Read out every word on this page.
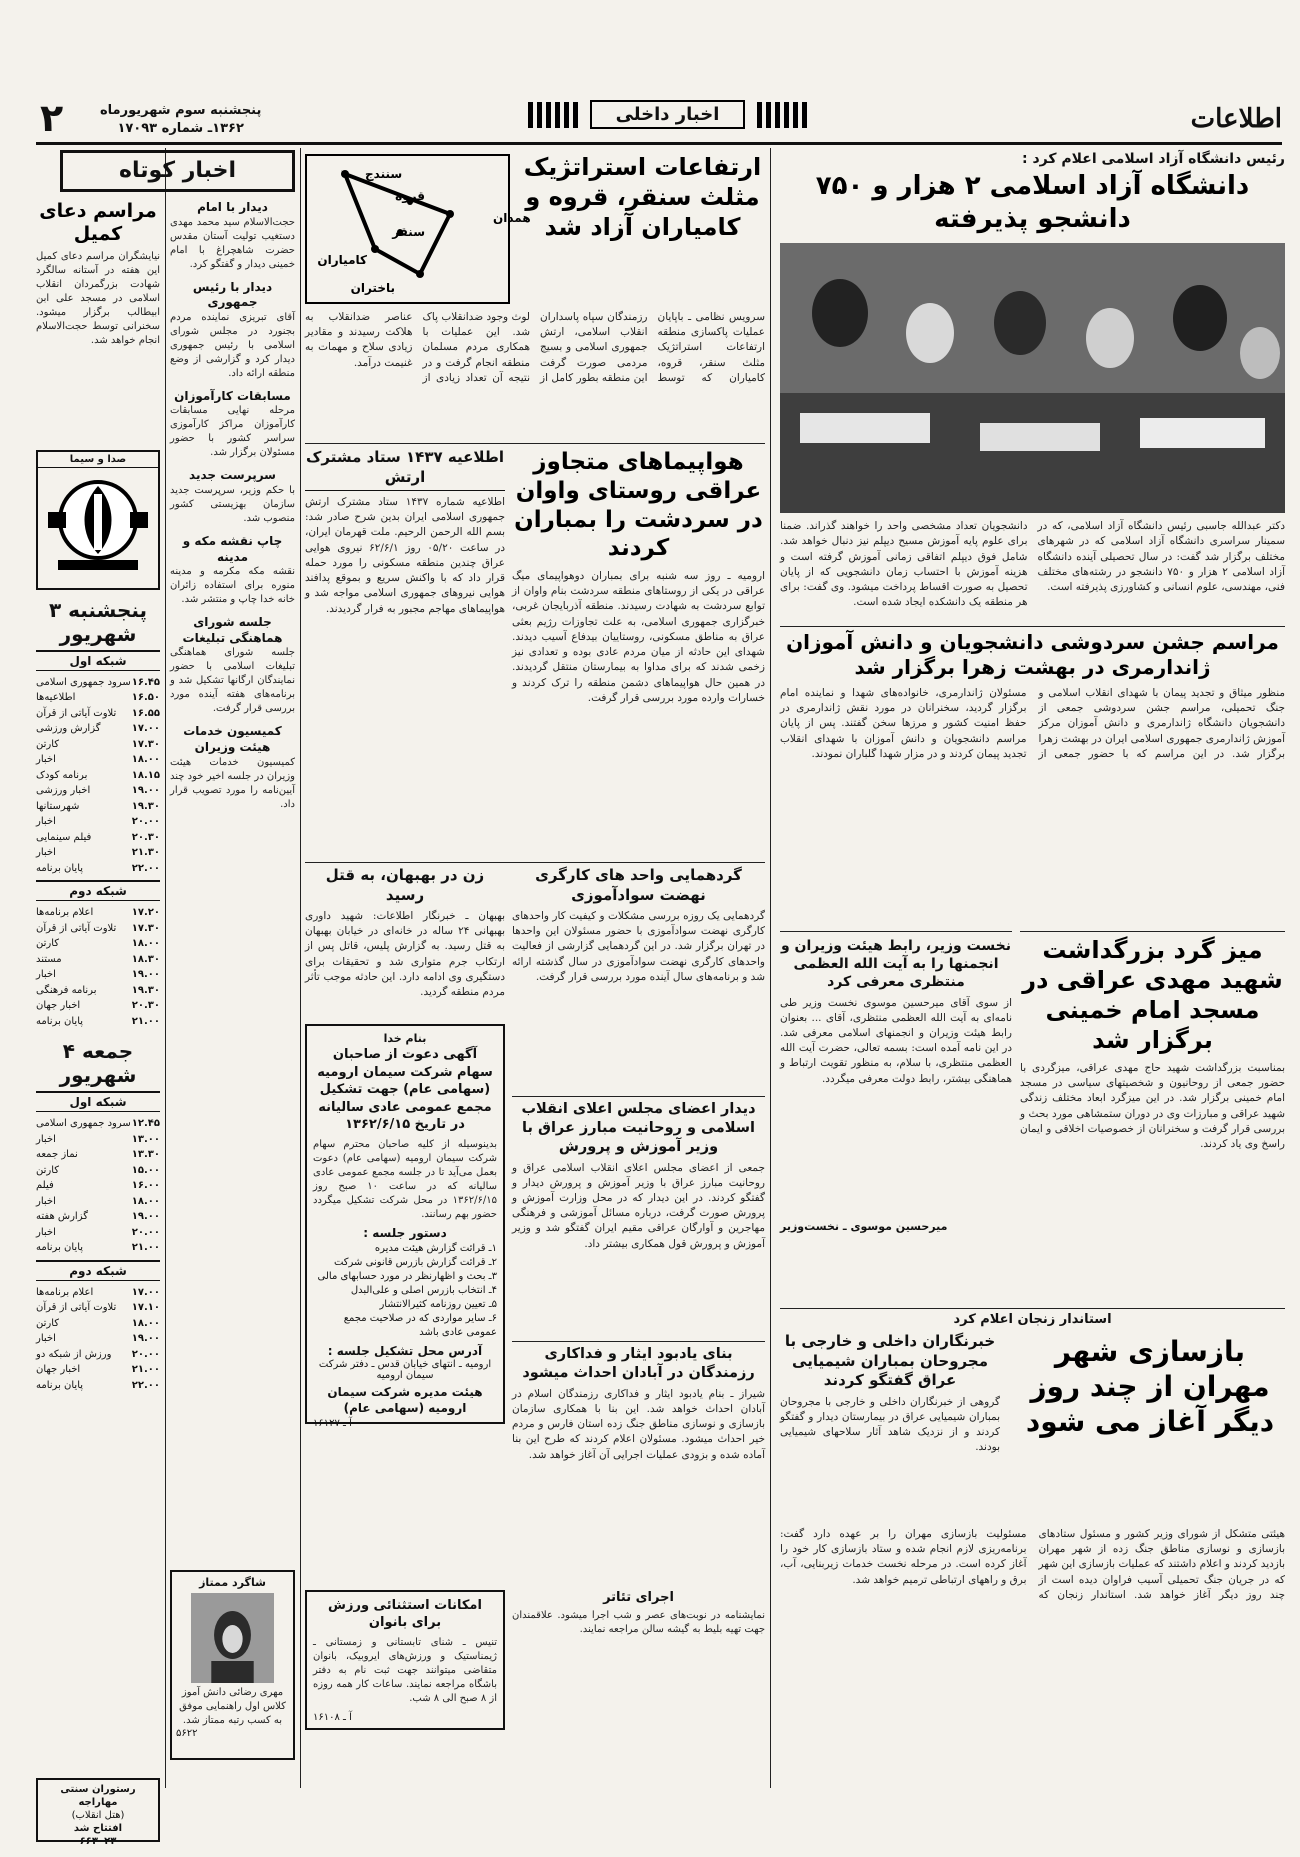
اطلاعات
اخبار داخلی
پنجشنبه سوم شهریورماه
۱۳۶۲ـ شماره ۱۷۰۹۳
۲
رئیس دانشگاه آزاد اسلامی اعلام کرد :
دانشگاه آزاد اسلامی ۲ هزار و ۷۵۰ دانشجو پذیرفته
دکتر عبدالله جاسبی رئیس دانشگاه آزاد اسلامی، که در سمینار سراسری دانشگاه آزاد اسلامی که در شهرهای مختلف برگزار شد گفت: در سال تحصیلی آینده دانشگاه آزاد اسلامی ۲ هزار و ۷۵۰ دانشجو در رشته‌های مختلف فنی، مهندسی، علوم انسانی و کشاورزی پذیرفته است.
دانشجویان تعداد مشخصی واحد را خواهند گذراند. ضمنا برای علوم پایه آموزش مسیح دیپلم نیز دنبال خواهد شد. شامل فوق دیپلم اتفاقی زمانی آموزش گرفته است و هزینه آموزش با احتساب زمان دانشجویی که از پایان تحصیل به صورت اقساط پرداخت میشود. وی گفت: برای هر منطقه یک دانشکده ایجاد شده است.
ارتفاعات استراتژیک مثلث سنقر، قروه و کامیاران آزاد شد
سنندج
قروه
همدان
سنقر
کامیاران
باختران
سرویس نظامی ـ باپایان عملیات پاکسازی منطقه ارتفاعات استراتژیک مثلث سنقر، قروه، کامیاران که توسط رزمندگان سپاه پاسداران انقلاب اسلامی، ارتش جمهوری اسلامی و بسیج مردمی صورت گرفت این منطقه بطور کامل از لوث وجود ضدانقلاب پاک شد. این عملیات با همکاری مردم مسلمان منطقه انجام گرفت و در نتیجه آن تعداد زیادی از عناصر ضدانقلاب به هلاکت رسیدند و مقادیر زیادی سلاح و مهمات به غنیمت درآمد.
اطلاعیه ۱۴۳۷ ستاد مشترک ارتش
اطلاعیه شماره ۱۴۳۷ ستاد مشترک ارتش جمهوری اسلامی ایران بدین شرح صادر شد: بسم الله الرحمن الرحیم. ملت قهرمان ایران، در ساعت ۰۵/۲۰ روز ۶۲/۶/۱ نیروی هوایی عراق چندین منطقه مسکونی را مورد حمله قرار داد که با واکنش سریع و بموقع پدافند هوایی نیروهای جمهوری اسلامی مواجه شد و هواپیماهای مهاجم مجبور به فرار گردیدند.
هواپیماهای متجاوز عراقی روستای واوان در سردشت را بمباران کردند
ارومیه ـ روز سه شنبه برای بمباران دوهواپیمای میگ عراقی در یکی از روستاهای منطقه سردشت بنام واوان از توابع سردشت به شهادت رسیدند. منطقه آذربایجان غربی، خبرگزاری جمهوری اسلامی، به علت تجاوزات رژیم بعثی عراق به مناطق مسکونی، روستاییان بیدفاع آسیب دیدند. شهدای این حادثه از میان مردم عادی بوده و تعدادی نیز زخمی شدند که برای مداوا به بیمارستان منتقل گردیدند. در همین حال هواپیماهای دشمن منطقه را ترک کردند و خسارات وارده مورد بررسی قرار گرفت.
گردهمایی واحد های کارگری نهضت سوادآموزی
گردهمایی یک روزه بررسی مشکلات و کیفیت کار واحدهای کارگری نهضت سوادآموزی با حضور مسئولان این واحدها در تهران برگزار شد. در این گردهمایی گزارشی از فعالیت واحدهای کارگری نهضت سوادآموزی در سال گذشته ارائه شد و برنامه‌های سال آینده مورد بررسی قرار گرفت.
زن در بهبهان، به قتل رسید
بهبهان ـ خبرنگار اطلاعات: شهید داوری بهبهانی ۲۴ ساله در خانه‌ای در خیابان بهبهان به قتل رسید. به گزارش پلیس، قاتل پس از ارتکاب جرم متواری شد و تحقیقات برای دستگیری وی ادامه دارد. این حادثه موجب تأثر مردم منطقه گردید.
بنام خدا
آگهی دعوت از صاحبان سهام شرکت سیمان ارومیه (سهامی عام) جهت تشکیل مجمع عمومی عادی سالیانه در تاریخ ۱۳۶۲/۶/۱۵
بدینوسیله از کلیه صاحبان محترم سهام شرکت سیمان ارومیه (سهامی عام) دعوت بعمل می‌آید تا در جلسه مجمع عمومی عادی سالیانه که در ساعت ۱۰ صبح روز ۱۳۶۲/۶/۱۵ در محل شرکت تشکیل میگردد حضور بهم رسانند.
دستور جلسه :
۱ـ قرائت گزارش هیئت مدیره
۲ـ قرائت گزارش بازرس قانونی شرکت
۳ـ بحث و اظهارنظر در مورد حسابهای مالی
۴ـ انتخاب بازرس اصلی و علی‌البدل
۵ـ تعیین روزنامه کثیرالانتشار
۶ـ سایر مواردی که در صلاحیت مجمع عمومی عادی باشد
آدرس محل تشکیل جلسه :
ارومیه ـ انتهای خیابان قدس ـ دفتر شرکت سیمان ارومیه
هیئت مدیره شرکت سیمان ارومیه (سهامی عام)
آ ـ ۱۶۱۲۷
دیدار اعضای مجلس اعلای انقلاب اسلامی و روحانیت مبارز عراق با وزیر آموزش و پرورش
جمعی از اعضای مجلس اعلای انقلاب اسلامی عراق و روحانیت مبارز عراق با وزیر آموزش و پرورش دیدار و گفتگو کردند. در این دیدار که در محل وزارت آموزش و پرورش صورت گرفت، درباره مسائل آموزشی و فرهنگی مهاجرین و آوارگان عراقی مقیم ایران گفتگو شد و وزیر آموزش و پرورش قول همکاری بیشتر داد.
بنای یادبود ایثار و فداکاری رزمندگان در آبادان احداث میشود
شیراز ـ بنام یادبود ایثار و فداکاری رزمندگان اسلام در آبادان احداث خواهد شد. این بنا با همکاری سازمان بازسازی و نوسازی مناطق جنگ زده استان فارس و مردم خیر احداث میشود. مسئولان اعلام کردند که طرح این بنا آماده شده و بزودی عملیات اجرایی آن آغاز خواهد شد.
مراسم جشن سردوشی دانشجویان و دانش آموزان ژاندارمری در بهشت زهرا برگزار شد
منظور میثاق و تجدید پیمان با شهدای انقلاب اسلامی و جنگ تحمیلی، مراسم جشن سردوشی جمعی از دانشجویان دانشگاه ژاندارمری و دانش آموزان مرکز آموزش ژاندارمری جمهوری اسلامی ایران در بهشت زهرا برگزار شد. در این مراسم که با حضور جمعی از مسئولان ژاندارمری، خانواده‌های شهدا و نماینده امام برگزار گردید، سخنرانان در مورد نقش ژاندارمری در حفظ امنیت کشور و مرزها سخن گفتند. پس از پایان مراسم دانشجویان و دانش آموزان با شهدای انقلاب تجدید پیمان کردند و در مزار شهدا گلباران نمودند.
میز گرد بزرگداشت شهید مهدی عراقی در مسجد امام خمینی برگزار شد
بمناسبت بزرگداشت شهید حاج مهدی عراقی، میزگردی با حضور جمعی از روحانیون و شخصیتهای سیاسی در مسجد امام خمینی برگزار شد. در این میزگرد ابعاد مختلف زندگی شهید عراقی و مبارزات وی در دوران ستمشاهی مورد بحث و بررسی قرار گرفت و سخنرانان از خصوصیات اخلاقی و ایمان راسخ وی یاد کردند.
نخست وزیر، رابط هیئت وزیران و انجمنها را به آیت الله العظمی منتظری معرفی کرد
از سوی آقای میرحسین موسوی نخست وزیر طی نامه‌ای به آیت الله العظمی منتظری، آقای ... بعنوان رابط هیئت وزیران و انجمنهای اسلامی معرفی شد. در این نامه آمده است: بسمه تعالی، حضرت آیت الله العظمی منتظری، با سلام، به منظور تقویت ارتباط و هماهنگی بیشتر، رابط دولت معرفی میگردد.
میرحسین موسوی ـ نخست‌وزیر
استاندار زنجان اعلام کرد
بازسازی شهر مهران از چند روز دیگر آغاز می شود
خبرنگاران داخلی و خارجی با مجروحان بمباران شیمیایی عراق گفتگو کردند
گروهی از خبرنگاران داخلی و خارجی با مجروحان بمباران شیمیایی عراق در بیمارستان دیدار و گفتگو کردند و از نزدیک شاهد آثار سلاحهای شیمیایی بودند.
هیئتی متشکل از شورای وزیر کشور و مسئول ستادهای بازسازی و نوسازی مناطق جنگ زده از شهر مهران بازدید کردند و اعلام داشتند که عملیات بازسازی این شهر که در جریان جنگ تحمیلی آسیب فراوان دیده است از چند روز دیگر آغاز خواهد شد. استاندار زنجان که مسئولیت بازسازی مهران را بر عهده دارد گفت: برنامه‌ریزی لازم انجام شده و ستاد بازسازی کار خود را آغاز کرده است. در مرحله نخست خدمات زیربنایی، آب، برق و راههای ارتباطی ترمیم خواهد شد.
اجرای تئاتر
نمایشنامه در نوبت‌های عصر و شب اجرا میشود. علاقمندان جهت تهیه بلیط به گیشه سالن مراجعه نمایند.
امکانات استثنائی ورزش برای بانوان
تنیس ـ شنای تابستانی و زمستانی ـ ژیمناستیک و ورزش‌های ایروبیک، بانوان متقاضی میتوانند جهت ثبت نام به دفتر باشگاه مراجعه نمایند. ساعات کار همه روزه از ۸ صبح الی ۸ شب.
آ ـ ۱۶۱۰۸
اخبار کوتاه
دیدار با امام
حجت‌الاسلام سید محمد مهدی دستغیب تولیت آستان مقدس حضرت شاهچراغ با امام خمینی دیدار و گفتگو کرد.
دیدار با رئیس جمهوری
آقای تبریزی نماینده مردم بجنورد در مجلس شورای اسلامی با رئیس جمهوری دیدار کرد و گزارشی از وضع منطقه ارائه داد.
مسابقات کارآموزان
مرحله نهایی مسابقات کارآموزان مراکز کارآموزی سراسر کشور با حضور مسئولان برگزار شد.
سرپرست جدید
با حکم وزیر، سرپرست جدید سازمان بهزیستی کشور منصوب شد.
چاپ نقشه مکه و مدینه
نقشه مکه مکرمه و مدینه منوره برای استفاده زائران خانه خدا چاپ و منتشر شد.
جلسه شورای هماهنگی تبلیغات
جلسه شورای هماهنگی تبلیغات اسلامی با حضور نمایندگان ارگانها تشکیل شد و برنامه‌های هفته آینده مورد بررسی قرار گرفت.
کمیسیون خدمات هیئت وزیران
کمیسیون خدمات هیئت وزیران در جلسه اخیر خود چند آیین‌نامه را مورد تصویب قرار داد.
شاگرد ممتاز
مهری رضائی دانش آموز کلاس اول راهنمایی موفق به کسب رتبه ممتاز شد.
۵۶۲۲
مراسم دعای کمیل
نیایشگران مراسم دعای کمیل این هفته در آستانه سالگرد شهادت بزرگمردان انقلاب اسلامی در مسجد علی ابن ابیطالب برگزار میشود. سخنرانی توسط حجت‌الاسلام انجام خواهد شد.
صدا و سیما
پنجشنبه ۳ شهریور
شبکه اول
۱۶.۴۵
سرود جمهوری اسلامی
۱۶.۵۰
اطلاعیه‌ها
۱۶.۵۵
تلاوت آیاتی از قرآن
۱۷.۰۰
گزارش ورزشی
۱۷.۳۰
کارتن
۱۸.۰۰
اخبار
۱۸.۱۵
برنامه کودک
۱۹.۰۰
اخبار ورزشی
۱۹.۳۰
شهرستانها
۲۰.۰۰
اخبار
۲۰.۳۰
فیلم سینمایی
۲۱.۳۰
اخبار
۲۲.۰۰
پایان برنامه
شبکه دوم
۱۷.۲۰
اعلام برنامه‌ها
۱۷.۳۰
تلاوت آیاتی از قرآن
۱۸.۰۰
کارتن
۱۸.۳۰
مستند
۱۹.۰۰
اخبار
۱۹.۳۰
برنامه فرهنگی
۲۰.۳۰
اخبار جهان
۲۱.۰۰
پایان برنامه
جمعه ۴ شهریور
شبکه اول
۱۲.۴۵
سرود جمهوری اسلامی
۱۳.۰۰
اخبار
۱۳.۳۰
نماز جمعه
۱۵.۰۰
کارتن
۱۶.۰۰
فیلم
۱۸.۰۰
اخبار
۱۹.۰۰
گزارش هفته
۲۰.۰۰
اخبار
۲۱.۰۰
پایان برنامه
شبکه دوم
۱۷.۰۰
اعلام برنامه‌ها
۱۷.۱۰
تلاوت آیاتی از قرآن
۱۸.۰۰
کارتن
۱۹.۰۰
اخبار
۲۰.۰۰
ورزش از شبکه دو
۲۱.۰۰
اخبار جهان
۲۲.۰۰
پایان برنامه
رستوران سنتی مهاراجه
(هتل انقلاب)
افتتاح شد
۶۶۳۰۲۳
